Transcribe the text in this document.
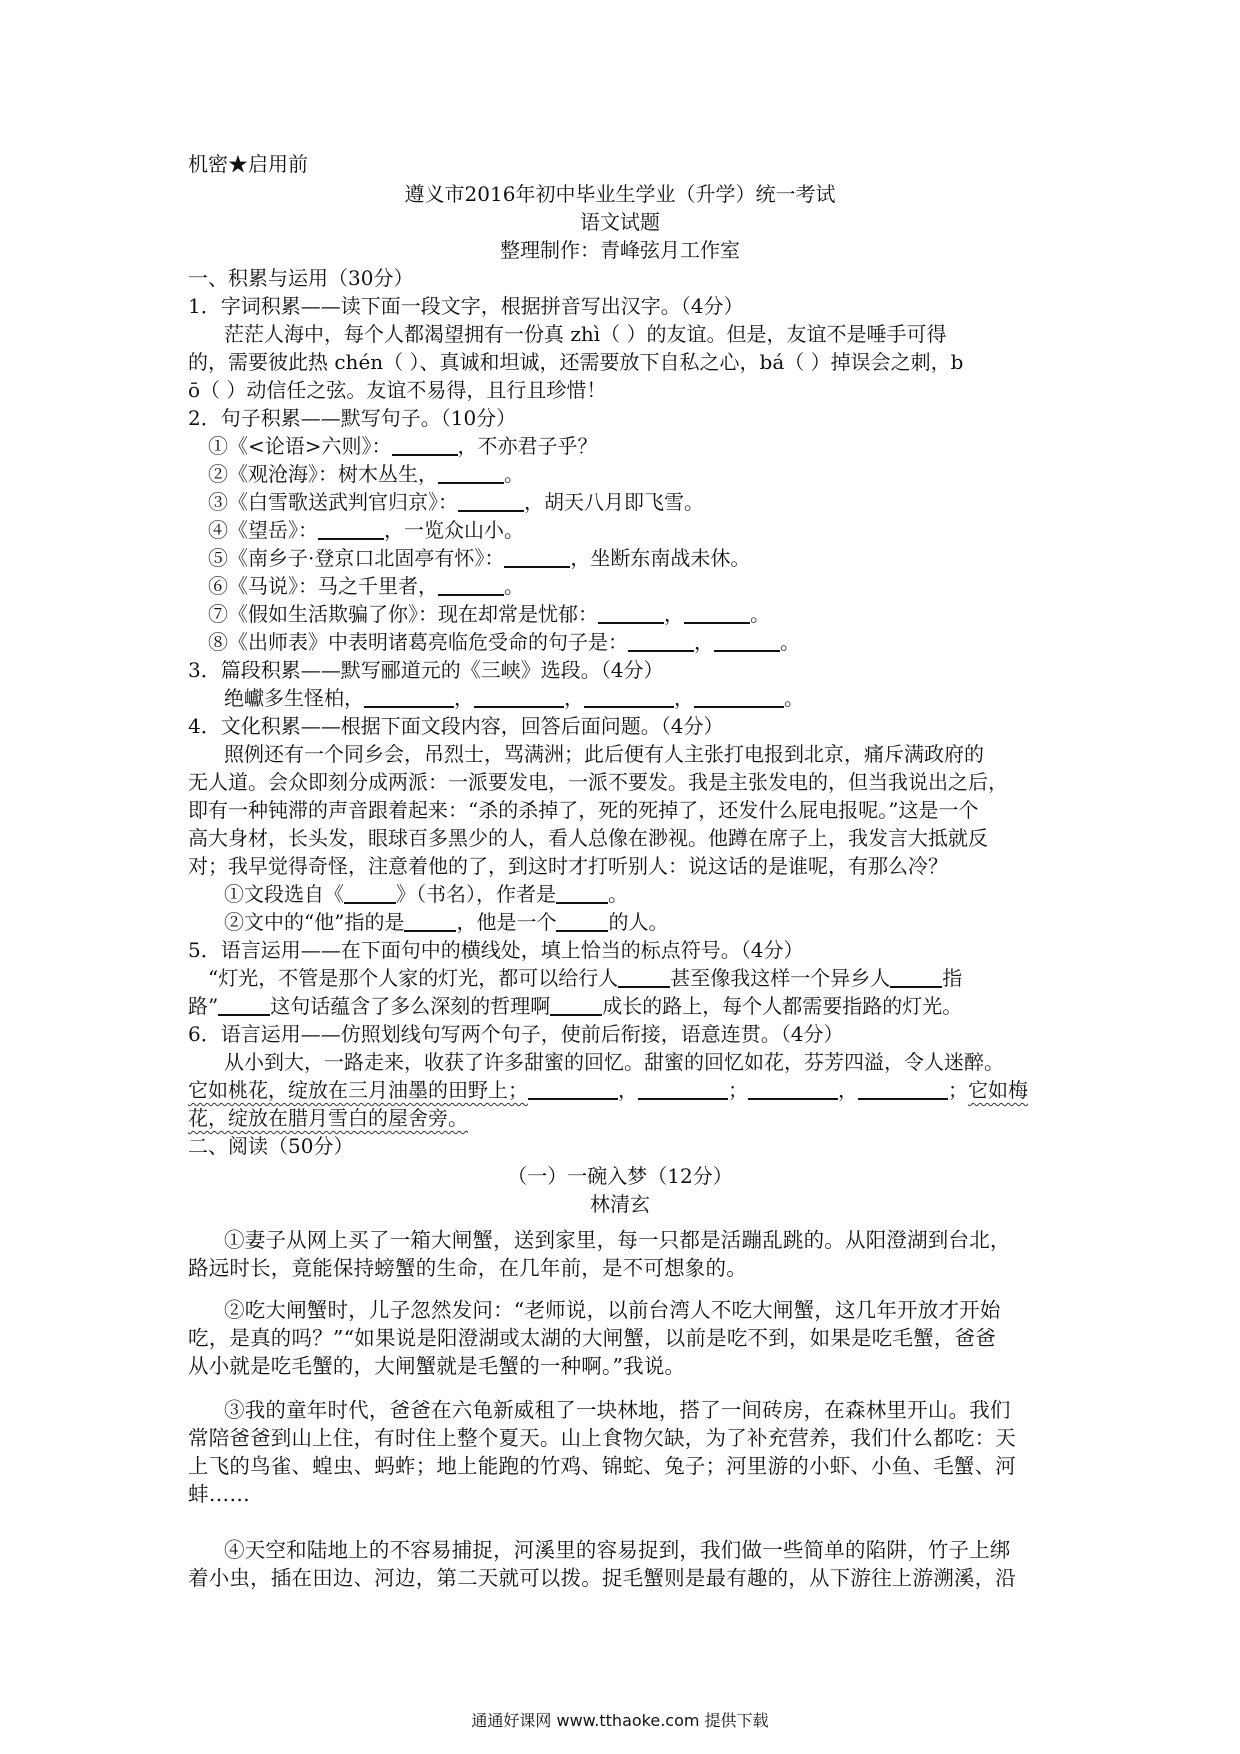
机密★启用前
遵义市2016年初中毕业生学业（升学）统一考试
语文试题
整理制作：青峰弦月工作室
一、积累与运用（30分）
1．字词积累——读下面一段文字，根据拼音写出汉字。（4分）
茫茫人海中，每个人都渴望拥有一份真 zhì（ ）的友谊。但是，友谊不是唾手可得
的，需要彼此热 chén（ ）、真诚和坦诚，还需要放下自私之心，bá（ ）掉误会之刺，b
ō（ ）动信任之弦。友谊不易得，且行且珍惜！
2．句子积累——默写句子。（10分）
①《<论语>六则》：	，不亦君子乎？
②《观沧海》：树木丛生，	。
③《白雪歌送武判官归京》：	，胡天八月即飞雪。
④《望岳》：	，一览众山小。
⑤《南乡子·登京口北固亭有怀》：	，坐断东南战未休。
⑥《马说》：马之千里者，	。
⑦《假如生活欺骗了你》：现在却常是忧郁：	，	。
⑧《出师表》中表明诸葛亮临危受命的句子是：	，	。
3．篇段积累——默写郦道元的《三峡》选段。（4分）
绝巘多生怪柏，	，	，	，	。
4．文化积累——根据下面文段内容，回答后面问题。（4分）
照例还有一个同乡会，吊烈士，骂满洲；此后便有人主张打电报到北京，痛斥满政府的
无人道。会众即刻分成两派：一派要发电，一派不要发。我是主张发电的，但当我说出之后，
即有一种钝滞的声音跟着起来：“杀的杀掉了，死的死掉了，还发什么屁电报呢。”这是一个
高大身材，长头发，眼球百多黑少的人，看人总像在渺视。他蹲在席子上，我发言大抵就反
对；我早觉得奇怪，注意着他的了，到这时才打听别人：说这话的是谁呢，有那么冷？
①文段选自《	》（书名），作者是	。
②文中的“他”指的是	，他是一个	的人。
5．语言运用——在下面句中的横线处，填上恰当的标点符号。（4分）
“灯光，不管是那个人家的灯光，都可以给行人	甚至像我这样一个异乡人	指
路”	这句话蕴含了多么深刻的哲理啊	成长的路上，每个人都需要指路的灯光。
6．语言运用——仿照划线句写两个句子，使前后衔接，语意连贯。（4分）
从小到大，一路走来，收获了许多甜蜜的回忆。甜蜜的回忆如花，芬芳四溢，令人迷醉。
它如桃花，绽放在三月油墨的田野上；	，	；	，	；它如梅
花，绽放在腊月雪白的屋舍旁。
二、阅读（50分）
（一）一碗入梦（12分）
林清玄
①妻子从网上买了一箱大闸蟹，送到家里，每一只都是活蹦乱跳的。从阳澄湖到台北，
路远时长，竟能保持螃蟹的生命，在几年前，是不可想象的。
②吃大闸蟹时，儿子忽然发问：“老师说，以前台湾人不吃大闸蟹，这几年开放才开始
吃，是真的吗？”“如果说是阳澄湖或太湖的大闸蟹，以前是吃不到，如果是吃毛蟹，爸爸
从小就是吃毛蟹的，大闸蟹就是毛蟹的一种啊。”我说。
③我的童年时代，爸爸在六龟新威租了一块林地，搭了一间砖房，在森林里开山。我们
常陪爸爸到山上住，有时住上整个夏天。山上食物欠缺，为了补充营养，我们什么都吃：天
上飞的鸟雀、蝗虫、蚂蚱；地上能跑的竹鸡、锦蛇、兔子；河里游的小虾、小鱼、毛蟹、河
蚌……
④天空和陆地上的不容易捕捉，河溪里的容易捉到，我们做一些简单的陷阱，竹子上绑
着小虫，插在田边、河边，第二天就可以拨。捉毛蟹则是最有趣的，从下游往上游溯溪，沿
通通好课网 www.tthaoke.com 提供下载
